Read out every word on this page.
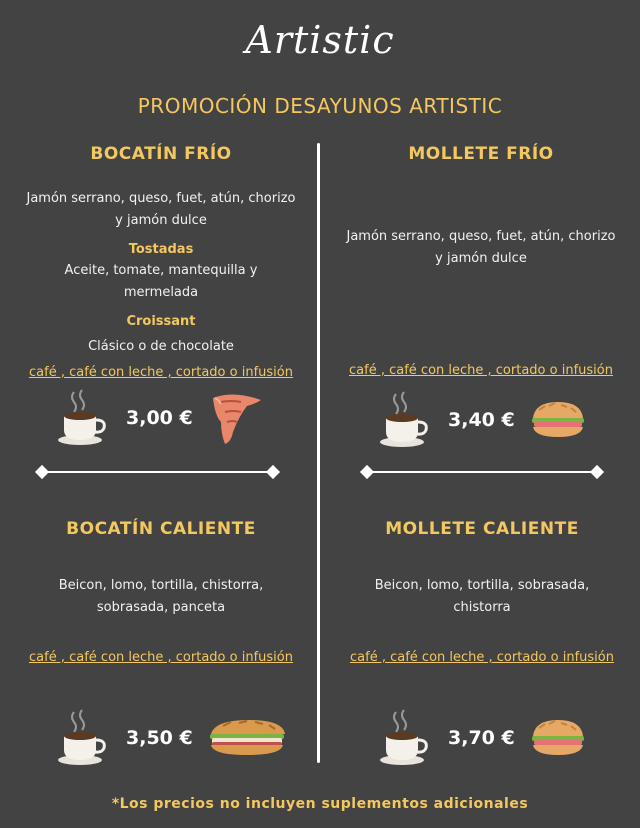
Artistic
PROMOCIÓN DESAYUNOS ARTISTIC

BOCATÍN FRÍO

Jamón serrano, queso, fuet, atún, chorizo y jamón dulce

Tostadas

Aceite, tomate, mantequilla y mermelada

Croissant

Clásico o de chocolate

café , café con leche , cortado o infusión

3,00 €

MOLLETE FRÍO

Jamón serrano, queso, fuet, atún, chorizo y jamón dulce

café , café con leche , cortado o infusión

3,40 €

BOCATÍN CALIENTE

Beicon, lomo, tortilla, chistorra, sobrasada, panceta

café , café con leche , cortado o infusión

3,50 €

MOLLETE CALIENTE

Beicon, lomo, tortilla, sobrasada, chistorra

café , café con leche , cortado o infusión

3,70 €
*Los precios no incluyen suplementos adicionales
